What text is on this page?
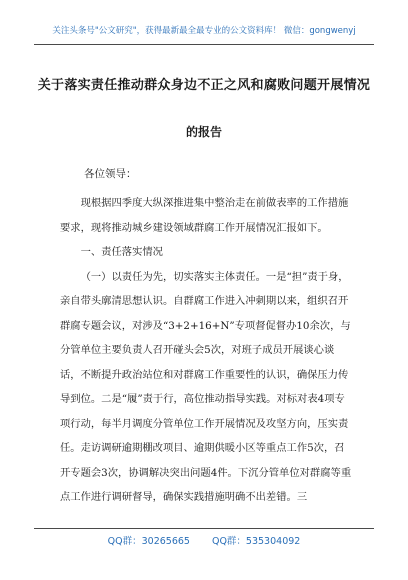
关注头条号"公文研究"，获得最新最全最专业的公文资料库！ 微信：gongwenyj
关于落实责任推动群众身边不正之风和腐败问题开展情况
的报告
各位领导：

现根据四季度大纵深推进集中整治走在前做表率的工作措施要求，现将推动城乡建设领域群腐工作开展情况汇报如下。

一、责任落实情况

（一）以责任为先，切实落实主体责任。一是“担”责于身，亲自带头廓清思想认识。自群腐工作进入冲刺期以来，组织召开群腐专题会议，对涉及“3+2+16+N”专项督促督办10余次，与分管单位主要负责人召开碰头会5次，对班子成员开展谈心谈话，不断提升政治站位和对群腐工作重要性的认识，确保压力传导到位。二是“履”责于行，高位推动指导实践。对标对表4项专项行动，每半月调度分管单位工作开展情况及攻坚方向，压实责任。走访调研逾期棚改项目、逾期供暖小区等重点工作5次，召开专题会3次，协调解决突出问题4件。下沉分管单位对群腐等重点工作进行调研督导，确保实践措施明确不出差错。三

QQ群：30265665 QQ群：535304092
